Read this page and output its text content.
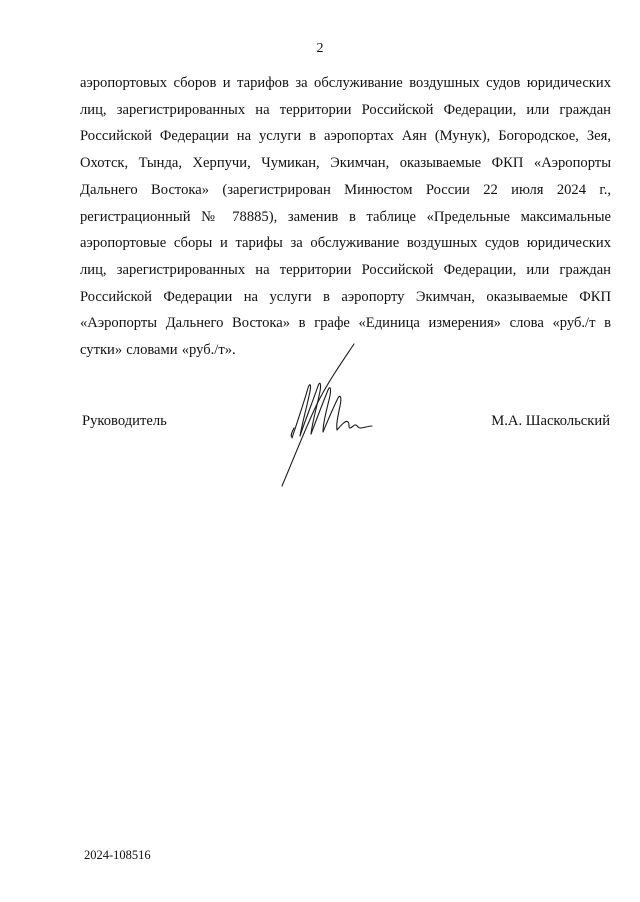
2

аэропортовых сборов и тарифов за обслуживание воздушных судов юридических лиц, зарегистрированных на территории Российской Федерации, или граждан Российской Федерации на услуги в аэропортах Аян (Мунук), Богородское, Зея, Охотск, Тында, Херпучи, Чумикан, Экимчан, оказываемые ФКП «Аэропорты Дальнего Востока» (зарегистрирован Минюстом России 22 июля 2024 г., регистрационный № 78885), заменив в таблице «Предельные максимальные аэропортовые сборы и тарифы за обслуживание воздушных судов юридических лиц, зарегистрированных на территории Российской Федерации, или граждан Российской Федерации на услуги в аэропорту Экимчан, оказываемые ФКП «Аэропорты Дальнего Востока» в графе «Единица измерения» слова «руб./т в сутки» словами «руб./т».

Руководитель	М.А. Шаскольский
2024-108516
